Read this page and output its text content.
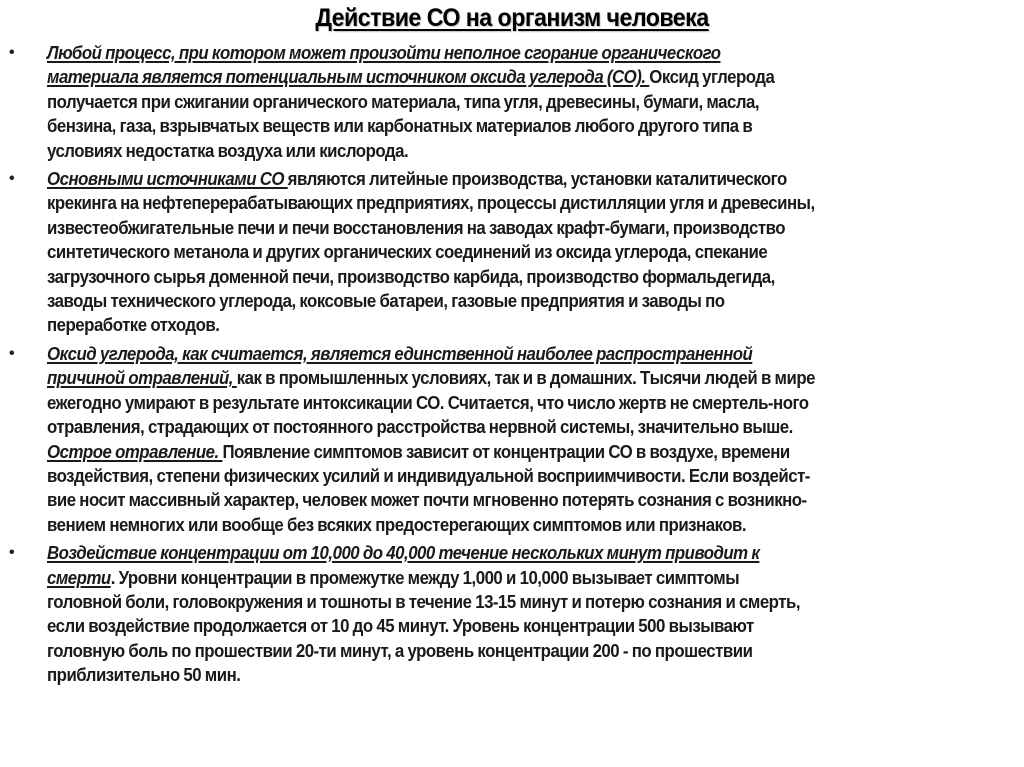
Действие СО на организм человека
• Любой процесс, при котором может произойти неполное сгорание органического
материала является потенциальным источником оксида углерода (СО). Оксид углерода
получается при сжигании органического материала, типа угля, древесины, бумаги, масла,
бензина, газа, взрывчатых веществ или карбонатных материалов любого другого типа в
условиях недостатка воздуха или кислорода.
• Основными источниками СО являются литейные производства, установки каталитического
крекинга на нефтеперерабатывающих предприятиях, процессы дистилляции угля и древесины,
известеобжигательные печи и печи восстановления на заводах крафт-бумаги, производство
синтетического метанола и других органических соединений из оксида углерода, спекание
загрузочного сырья доменной печи, производство карбида, производство формальдегида,
заводы технического углерода, коксовые батареи, газовые предприятия и заводы по
переработке отходов.
• Оксид углерода, как считается, является единственной наиболее распространенной
причиной отравлений, как в промышленных условиях, так и в домашних. Тысячи людей в мире
ежегодно умирают в результате интоксикации СО. Считается, что число жертв не смертель-ного
отравления, страдающих от постоянного расстройства нервной системы, значительно выше.
Острое отравление. Появление симптомов зависит от концентрации СО в воздухе, времени
воздействия, степени физических усилий и индивидуальной восприимчивости. Если воздейст-
вие носит массивный характер, человек может почти мгновенно потерять сознания с возникно-
вением немногих или вообще без всяких предостерегающих симптомов или признаков.
• Воздействие концентрации от 10,000 до 40,000 течение нескольких минут приводит к
смерти. Уровни концентрации в промежутке между 1,000 и 10,000 вызывает симптомы
головной боли, головокружения и тошноты в течение 13-15 минут и потерю сознания и смерть,
если воздействие продолжается от 10 до 45 минут. Уровень концентрации 500 вызывают
головную боль по прошествии 20-ти минут, а уровень концентрации 200 - по прошествии
приблизительно 50 мин.
